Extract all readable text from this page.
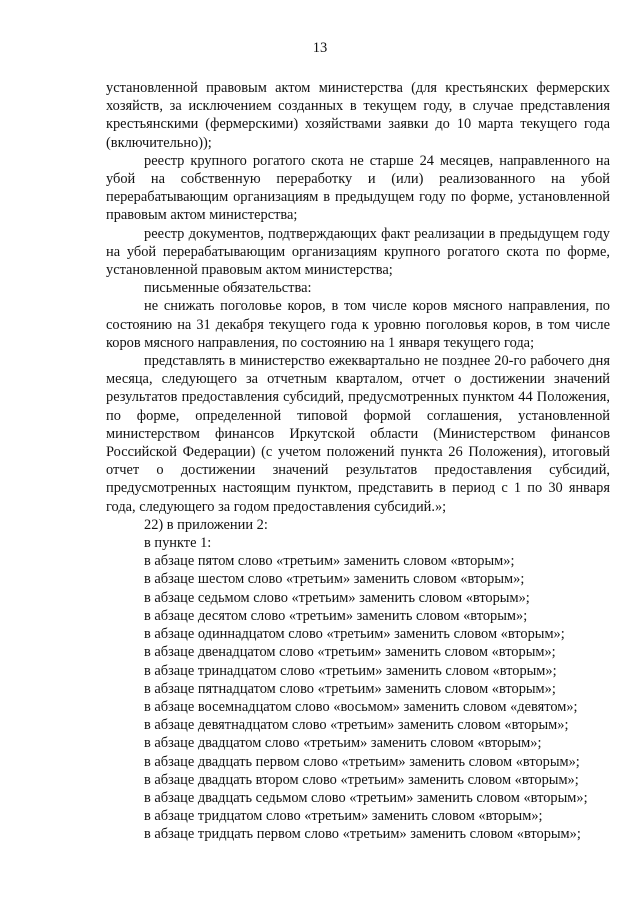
13

установленной правовым актом министерства (для крестьянских фермерских хозяйств, за исключением созданных в текущем году, в случае представления крестьянскими (фермерскими) хозяйствами заявки до 10 марта текущего года (включительно));

реестр крупного рогатого скота не старше 24 месяцев, направленного на убой на собственную переработку и (или) реализованного на убой перерабатывающим организациям в предыдущем году по форме, установленной правовым актом министерства;

реестр документов, подтверждающих факт реализации в предыдущем году на убой перерабатывающим организациям крупного рогатого скота по форме, установленной правовым актом министерства;

письменные обязательства:

не снижать поголовье коров, в том числе коров мясного направления, по состоянию на 31 декабря текущего года к уровню поголовья коров, в том числе коров мясного направления, по состоянию на 1 января текущего года;

представлять в министерство ежеквартально не позднее 20-го рабочего дня месяца, следующего за отчетным кварталом, отчет о достижении значений результатов предоставления субсидий, предусмотренных пунктом 44 Положения, по форме, определенной типовой формой соглашения, установленной министерством финансов Иркутской области (Министерством финансов Российской Федерации) (с учетом положений пункта 26 Положения), итоговый отчет о достижении значений результатов предоставления субсидий, предусмотренных настоящим пунктом, представить в период с 1 по 30 января года, следующего за годом предоставления субсидий.»;

22) в приложении 2:

в пункте 1:

в абзаце пятом слово «третьим» заменить словом «вторым»;

в абзаце шестом слово «третьим» заменить словом «вторым»;

в абзаце седьмом слово «третьим» заменить словом «вторым»;

в абзаце десятом слово «третьим» заменить словом «вторым»;

в абзаце одиннадцатом слово «третьим» заменить словом «вторым»;

в абзаце двенадцатом слово «третьим» заменить словом «вторым»;

в абзаце тринадцатом слово «третьим» заменить словом «вторым»;

в абзаце пятнадцатом слово «третьим» заменить словом «вторым»;

в абзаце восемнадцатом слово «восьмом» заменить словом «девятом»;

в абзаце девятнадцатом слово «третьим» заменить словом «вторым»;

в абзаце двадцатом слово «третьим» заменить словом «вторым»;

в абзаце двадцать первом слово «третьим» заменить словом «вторым»;

в абзаце двадцать втором слово «третьим» заменить словом «вторым»;

в абзаце двадцать седьмом слово «третьим» заменить словом «вторым»;

в абзаце тридцатом слово «третьим» заменить словом «вторым»;

в абзаце тридцать первом слово «третьим» заменить словом «вторым»;
